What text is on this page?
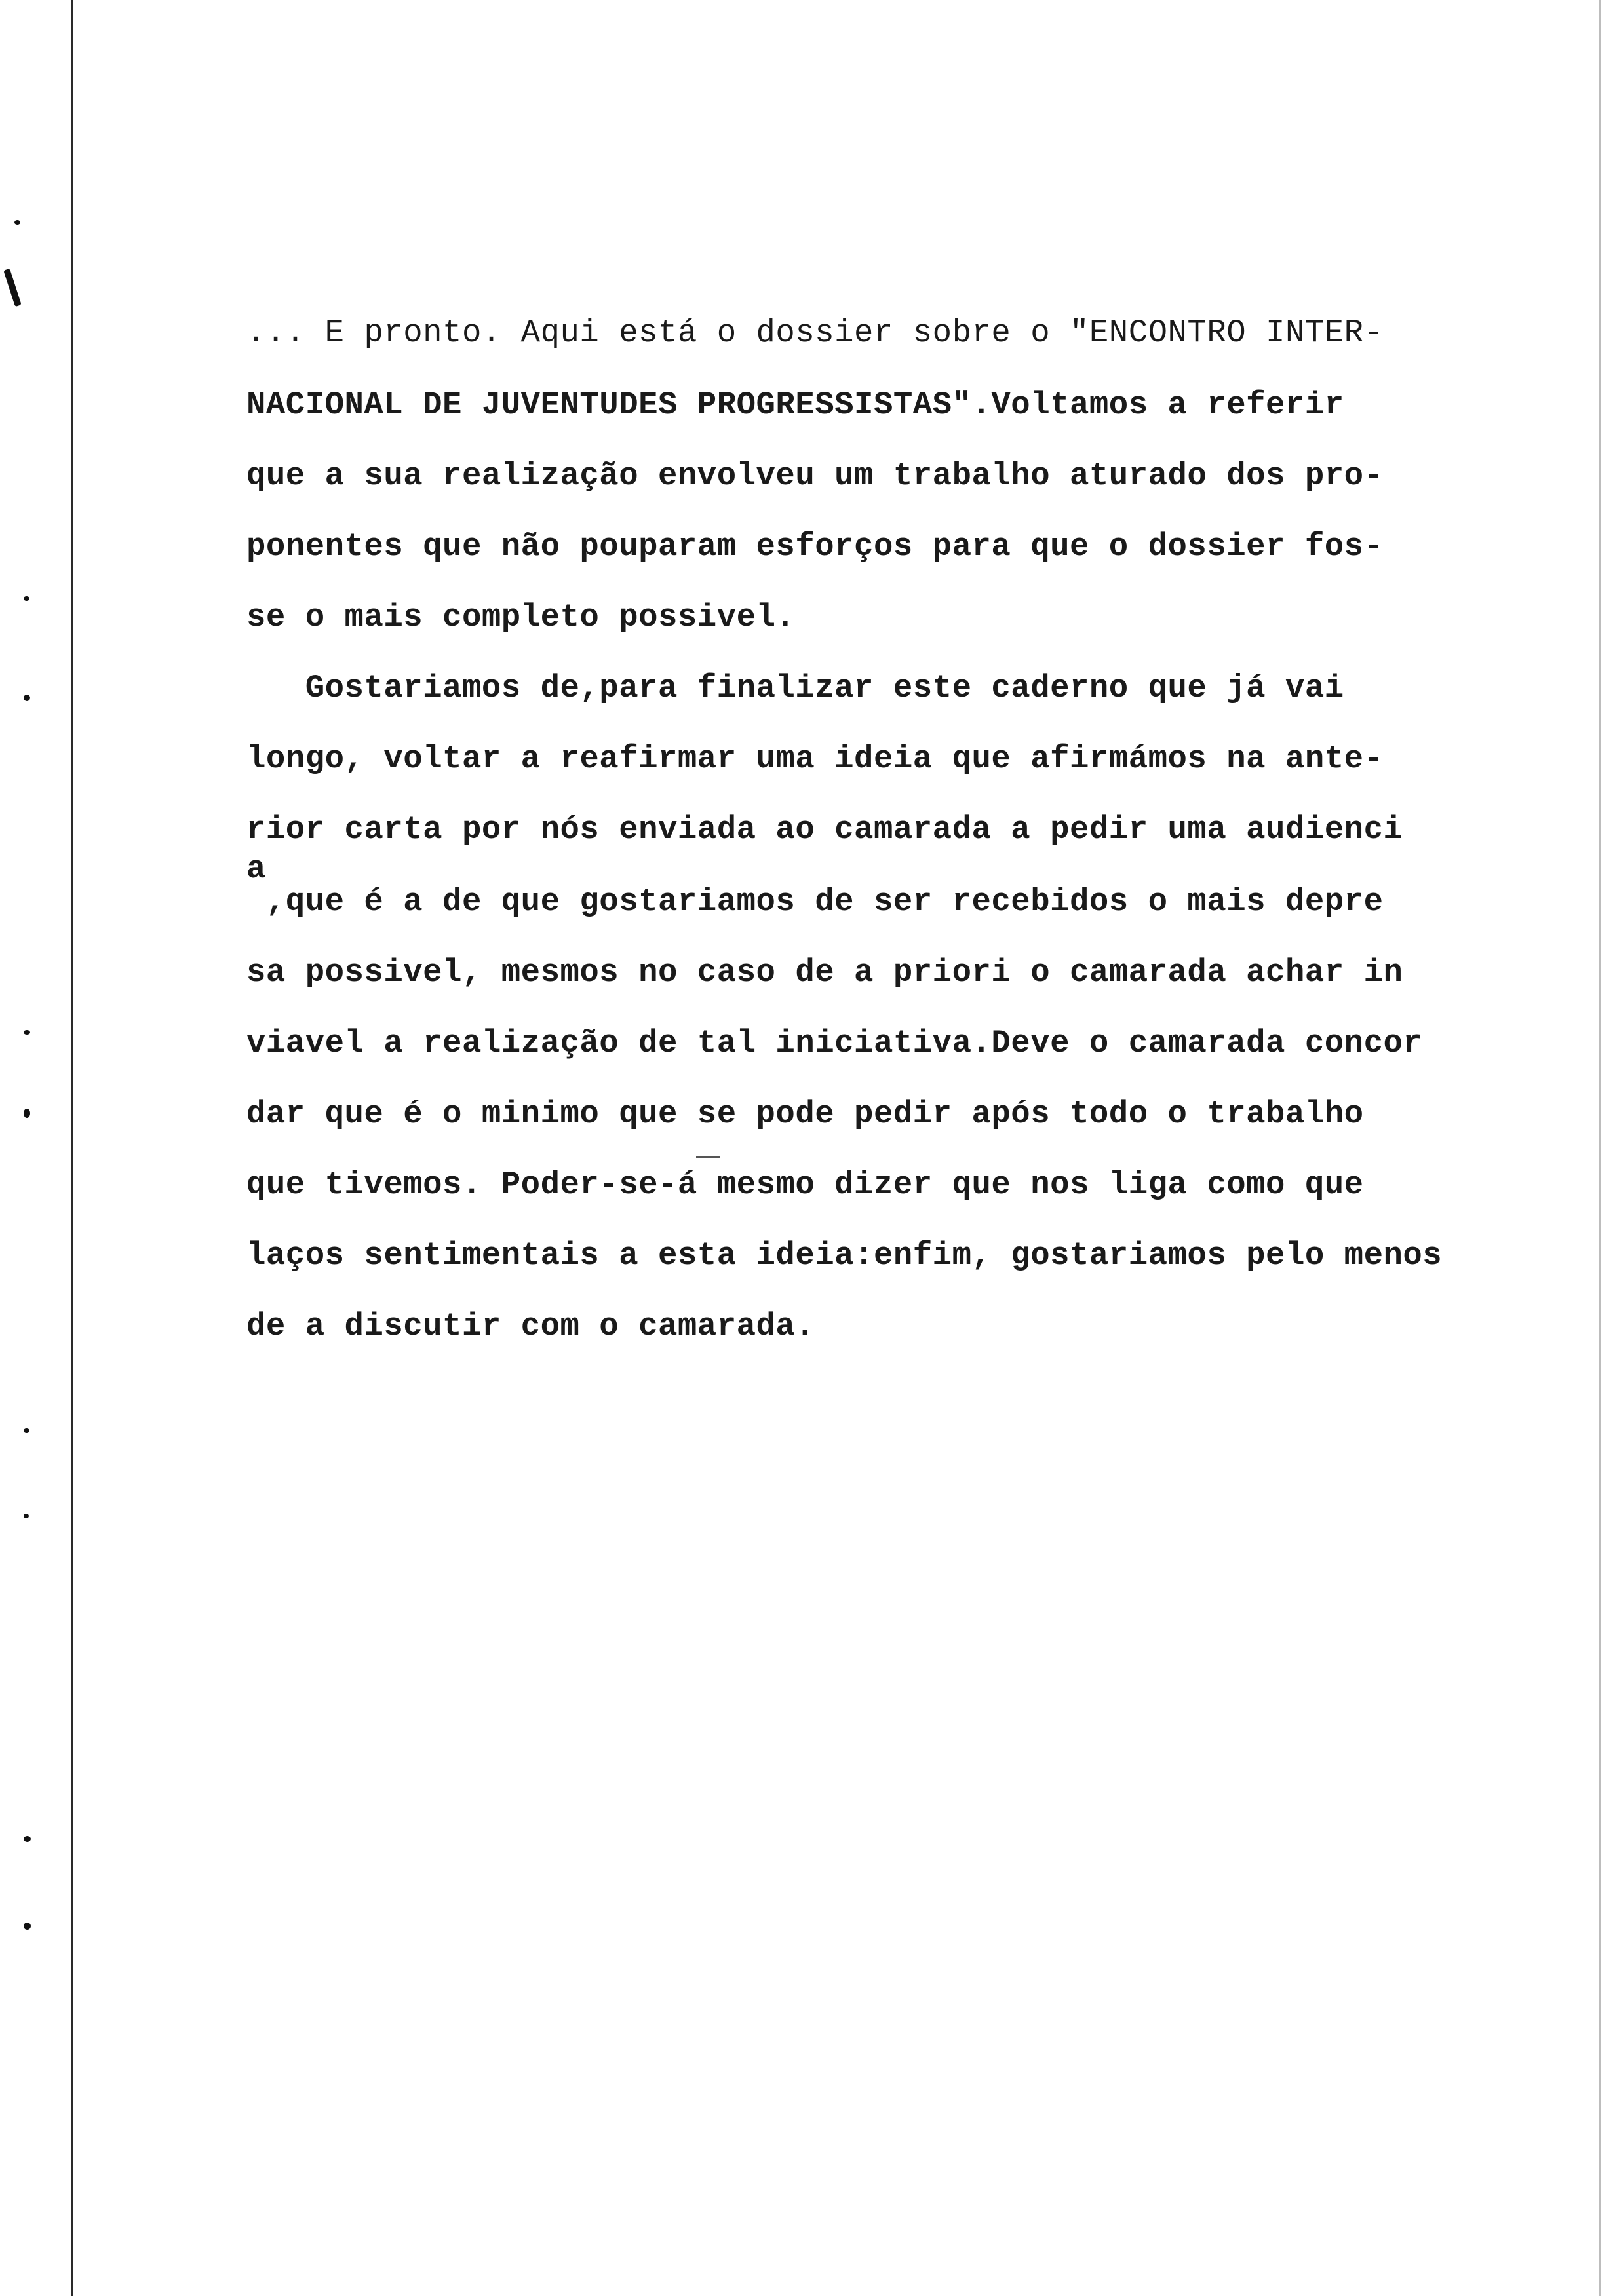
... E pronto. Aqui está o dossier sobre o "ENCONTRO INTER-
NACIONAL DE JUVENTUDES PROGRESSISTAS".Voltamos a referir
que a sua realização envolveu um trabalho aturado dos pro-
ponentes que não pouparam esforços para que o dossier fos-
se o mais completo possivel.
Gostariamos de,para finalizar este caderno que já vai
longo, voltar a reafirmar uma ideia que afirmámos na ante-
rior carta por nós enviada ao camarada a pedir uma audienci
a
,que é a de que gostariamos de ser recebidos o mais depre
sa possivel, mesmos no caso de a priori o camarada achar in
viavel a realização de tal iniciativa.Deve o camarada concor
dar que é o minimo que se pode pedir após todo o trabalho
que tivemos. Poder-se-á mesmo dizer que nos liga como que
laços sentimentais a esta ideia:enfim, gostariamos pelo menos
de a discutir com o camarada.
